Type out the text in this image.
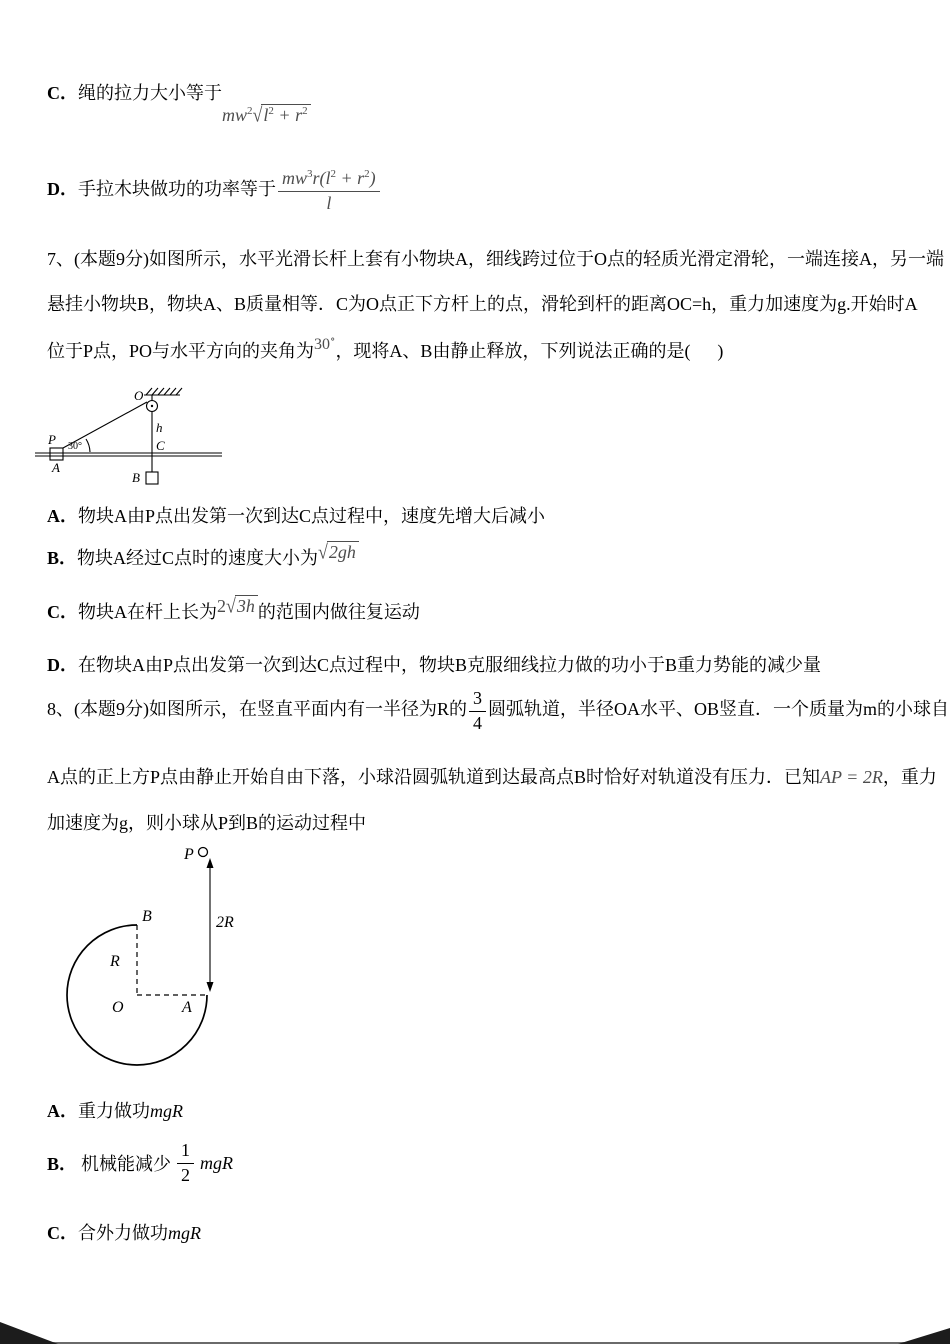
C．绳的拉力大小等于$mw^2√l^2 + r^2$
D．手拉木块做功的功率等于 $\frac{mw^3r(l^2 + r^2)}{l}$
7、(本题9分)如图所示，水平光滑长杆上套有小物块A，细线跨过位于O点的轻质光滑定滑轮，一端连接A，另一端
悬挂小物块B，物块A、B质量相等．C为O点正下方杆上的点，滑轮到杆的距离OC=h，重力加速度为g.开始时A
位于P点，PO与水平方向的夹角为30∘，现将A、B由静止释放，下列说法正确的是(      )
P
O
30°
h
C
A
B
A．物块A由P点出发第一次到达C点过程中，速度先增大后减小
B．物块A经过C点时的速度大小为√2gh
C．物块A在杆上长为2√3h 的范围内做往复运动
D．在物块A由P点出发第一次到达C点过程中，物块B克服细线拉力做的功小于B重力势能的减少量
8、(本题9分)如图所示，在竖直平面内有一半径为R的 $\frac{3}{4}$ 圆弧轨道，半径OA水平、OB竖直．一个质量为m的小球自
A点的正上方P点由静止开始自由下落，小球沿圆弧轨道到达最高点B时恰好对轨道没有压力．已知AP = 2R，重力
加速度为g，则小球从P到B的运动过程中
P
B
R
O	A
2R
A．重力做功mgR
B． 机械能减少 $\frac{1}{2}$ mgR
C．合外力做功mgR
